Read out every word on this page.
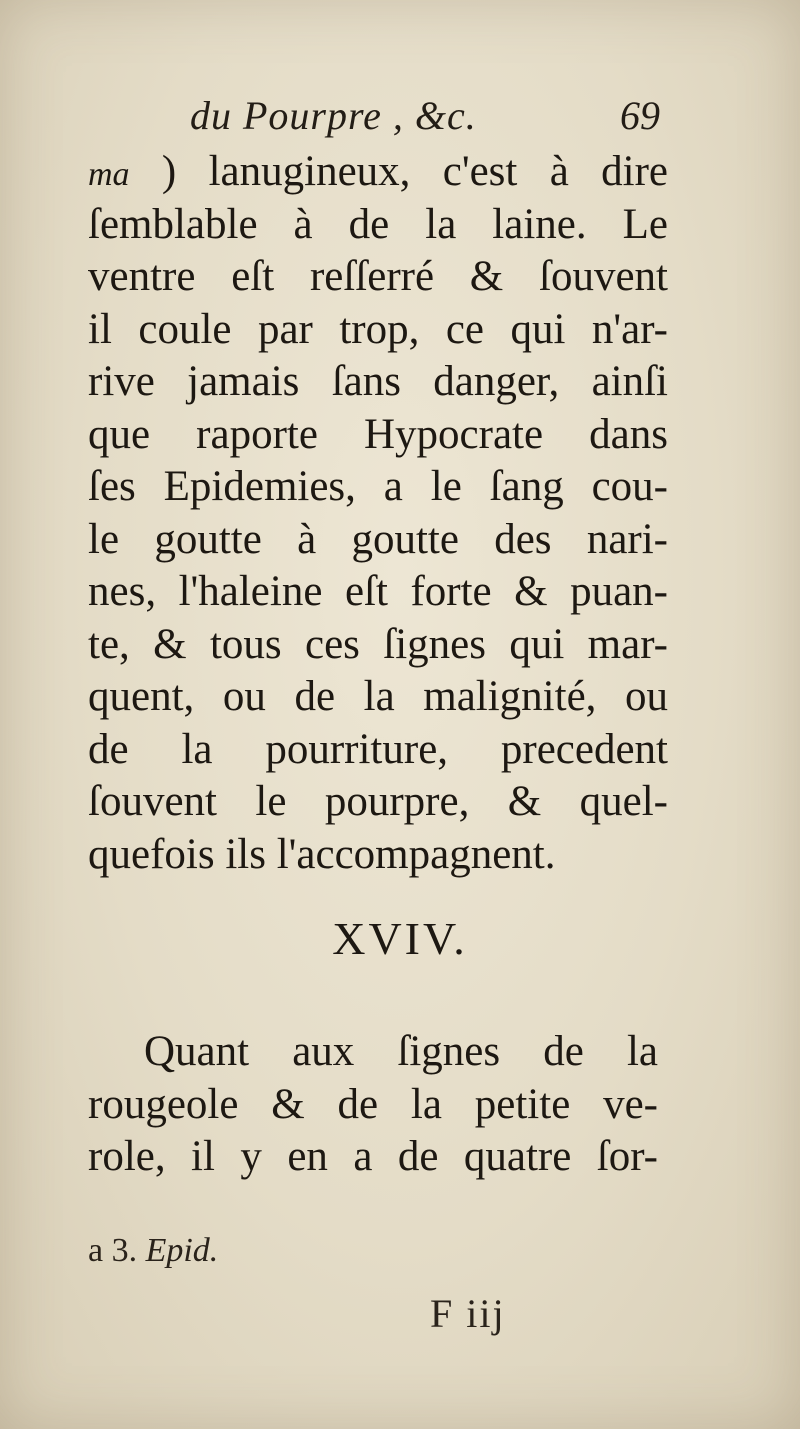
du Pourpre , &c.	69
ma ) lanugineux, c'est à dire
ſemblable à de la laine. Le
ventre eſt reſſerré & ſouvent
il coule par trop, ce qui n'ar-
rive jamais ſans danger, ainſi
que raporte Hypocrate dans
ſes Epidemies, a le ſang cou-
le goutte à goutte des nari-
nes, l'haleine eſt forte & puan-
te, & tous ces ſignes qui mar-
quent, ou de la malignité, ou
de la pourriture, precedent
ſouvent le pourpre, & quel-
quefois ils l'accompagnent.
XVIV.
Quant aux ſignes de la
rougeole & de la petite ve-
role, il y en a de quatre ſor-
a 3. Epid.
F iij
